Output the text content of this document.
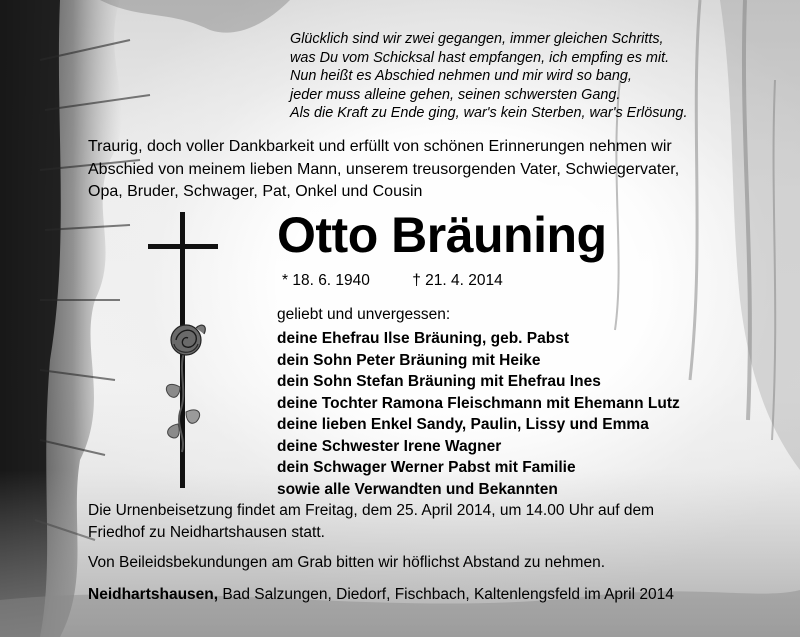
Glücklich sind wir zwei gegangen, immer gleichen Schritts,
was Du vom Schicksal hast empfangen, ich empfing es mit.
Nun heißt es Abschied nehmen und mir wird so bang,
jeder muss alleine gehen, seinen schwersten Gang.
Als die Kraft zu Ende ging, war's kein Sterben, war's Erlösung.
Traurig, doch voller Dankbarkeit und erfüllt von schönen Erinnerungen nehmen wir
Abschied von meinem lieben Mann, unserem treusorgenden Vater, Schwiegervater,
Opa, Bruder, Schwager, Pat, Onkel und Cousin
Otto Bräuning
* 18. 6. 1940	† 21. 4. 2014
geliebt und unvergessen:
deine Ehefrau Ilse Bräuning, geb. Pabst
dein Sohn Peter Bräuning mit Heike
dein Sohn Stefan Bräuning mit Ehefrau Ines
deine Tochter Ramona Fleischmann mit Ehemann Lutz
deine lieben Enkel Sandy, Paulin, Lissy und Emma
deine Schwester Irene Wagner
dein Schwager Werner Pabst mit Familie
sowie alle Verwandten und Bekannten
Die Urnenbeisetzung findet am Freitag, dem 25. April 2014, um 14.00 Uhr auf dem
Friedhof zu Neidhartshausen statt.
Von Beileidsbekundungen am Grab bitten wir höflichst Abstand zu nehmen.
Neidhartshausen, Bad Salzungen, Diedorf, Fischbach, Kaltenlengsfeld im April 2014
